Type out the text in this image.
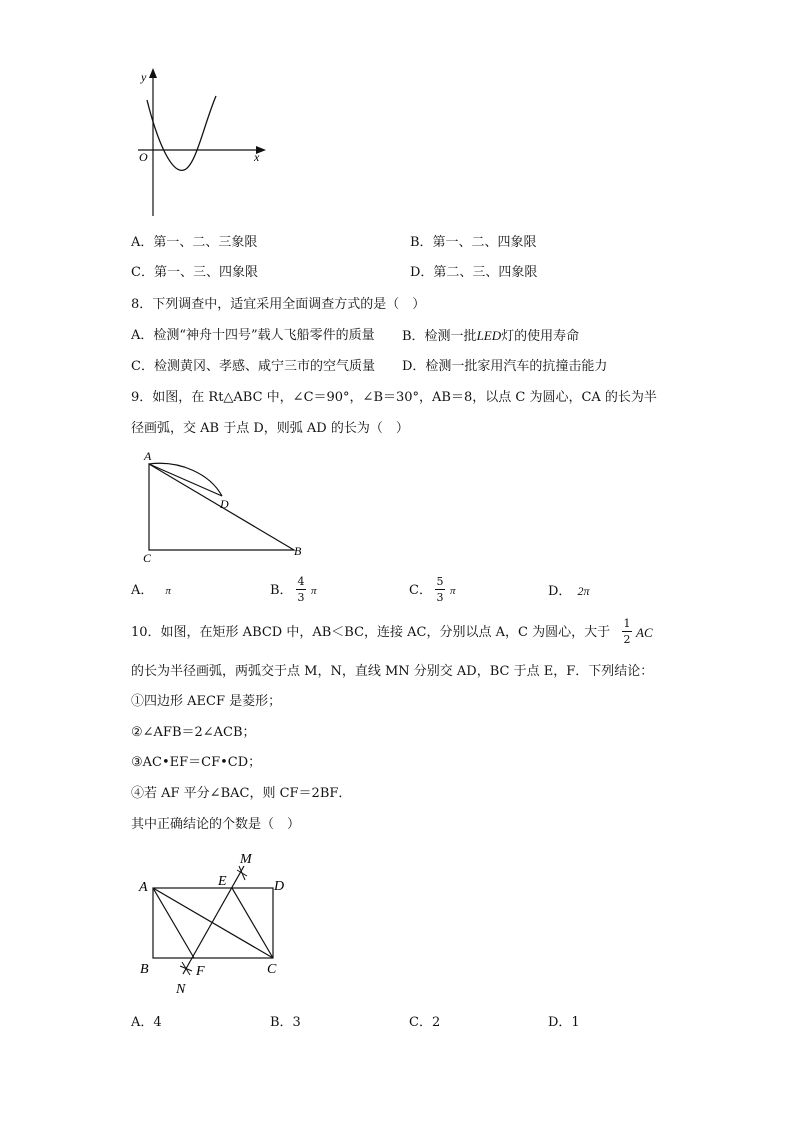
y
O	x
A．第一、二、三象限	B．第一、二、四象限
C．第一、三、四象限	D．第二、三、四象限
8．下列调查中，适宜采用全面调查方式的是（　）
A．检测“神舟十四号”载人飞船零件的质量 B．检测一批LED灯的使用寿命
C．检测黄冈、孝感、咸宁三市的空气质量 D．检测一批家用汽车的抗撞击能力
9．如图，在 Rt△ABC 中，∠C＝90°，∠B＝30°，AB＝8，以点 C 为圆心，CA 的长为半
径画弧，交 AB 于点 D，则弧 AD 的长为（　）
A
D
C	B
A． π	B．
4
3 π	C．
5
3 π	D． 2π
10．如图，在矩形 ABCD 中，AB＜BC，连接 AC，分别以点 A，C 为圆心，大于
1
2 AC
的长为半径画弧，两弧交于点 M，N，直线 MN 分别交 AD，BC 于点 E，F．下列结论：
①四边形 AECF 是菱形；
②∠AFB＝2∠ACB；
③AC•EF＝CF•CD；
④若 AF 平分∠BAC，则 CF＝2BF．
其中正确结论的个数是（　）
M
E
A	D
B	F	C
N
A．4	B．3	C．2	D．1
